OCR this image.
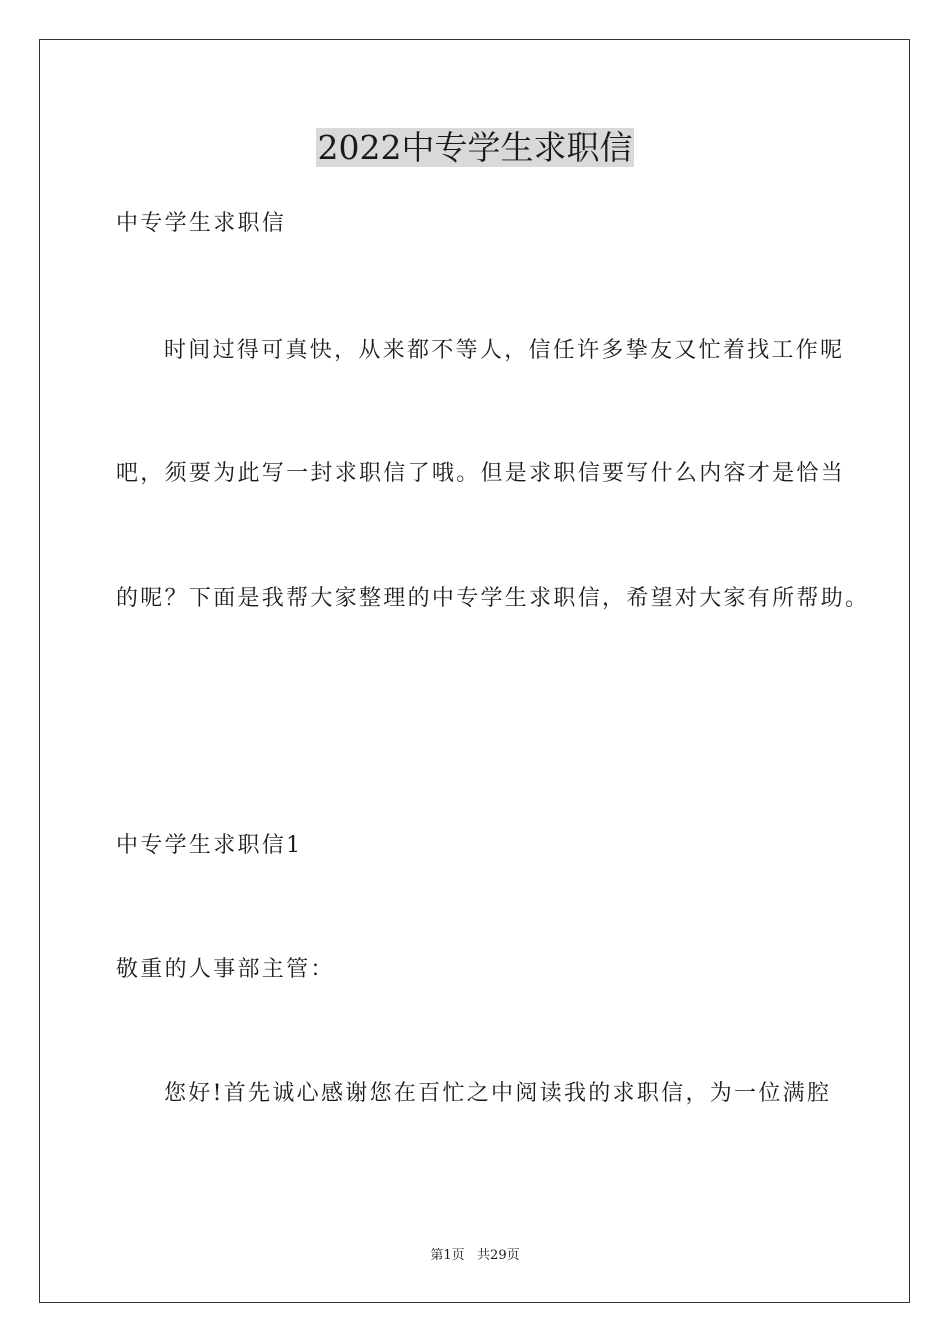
2022中专学生求职信
中专学生求职信
时间过得可真快，从来都不等人，信任许多挚友又忙着找工作呢
吧，须要为此写一封求职信了哦。但是求职信要写什么内容才是恰当
的呢？下面是我帮大家整理的中专学生求职信，希望对大家有所帮助。
中专学生求职信1
敬重的人事部主管：
您好!首先诚心感谢您在百忙之中阅读我的求职信，为一位满腔
第1页   共29页
